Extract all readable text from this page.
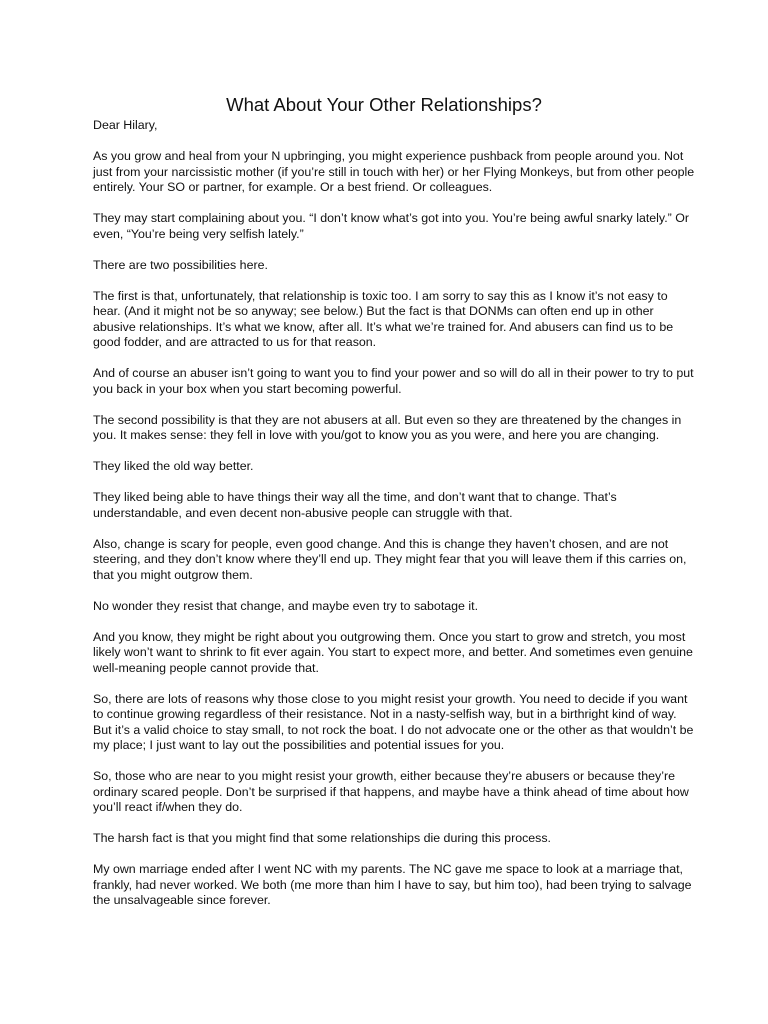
What About Your Other Relationships?

Dear Hilary,

As you grow and heal from your N upbringing, you might experience pushback from people around you. Not
just from your narcissistic mother (if you’re still in touch with her) or her Flying Monkeys, but from other people
entirely. Your SO or partner, for example. Or a best friend. Or colleagues.

They may start complaining about you. “I don’t know what’s got into you. You’re being awful snarky lately.” Or
even, “You’re being very selfish lately.”

There are two possibilities here.

The first is that, unfortunately, that relationship is toxic too. I am sorry to say this as I know it’s not easy to
hear. (And it might not be so anyway; see below.) But the fact is that DONMs can often end up in other
abusive relationships. It’s what we know, after all. It’s what we’re trained for. And abusers can find us to be
good fodder, and are attracted to us for that reason.

And of course an abuser isn’t going to want you to find your power and so will do all in their power to try to put
you back in your box when you start becoming powerful.

The second possibility is that they are not abusers at all. But even so they are threatened by the changes in
you. It makes sense: they fell in love with you/got to know you as you were, and here you are changing.

They liked the old way better.

They liked being able to have things their way all the time, and don’t want that to change. That’s
understandable, and even decent non-abusive people can struggle with that.

Also, change is scary for people, even good change. And this is change they haven’t chosen, and are not
steering, and they don’t know where they’ll end up. They might fear that you will leave them if this carries on,
that you might outgrow them.

No wonder they resist that change, and maybe even try to sabotage it.

And you know, they might be right about you outgrowing them. Once you start to grow and stretch, you most
likely won’t want to shrink to fit ever again. You start to expect more, and better. And sometimes even genuine
well-meaning people cannot provide that.

So, there are lots of reasons why those close to you might resist your growth. You need to decide if you want
to continue growing regardless of their resistance. Not in a nasty-selfish way, but in a birthright kind of way.
But it’s a valid choice to stay small, to not rock the boat. I do not advocate one or the other as that wouldn’t be
my place; I just want to lay out the possibilities and potential issues for you.

So, those who are near to you might resist your growth, either because they’re abusers or because they’re
ordinary scared people. Don’t be surprised if that happens, and maybe have a think ahead of time about how
you’ll react if/when they do.

The harsh fact is that you might find that some relationships die during this process.

My own marriage ended after I went NC with my parents. The NC gave me space to look at a marriage that,
frankly, had never worked. We both (me more than him I have to say, but him too), had been trying to salvage
the unsalvageable since forever.
